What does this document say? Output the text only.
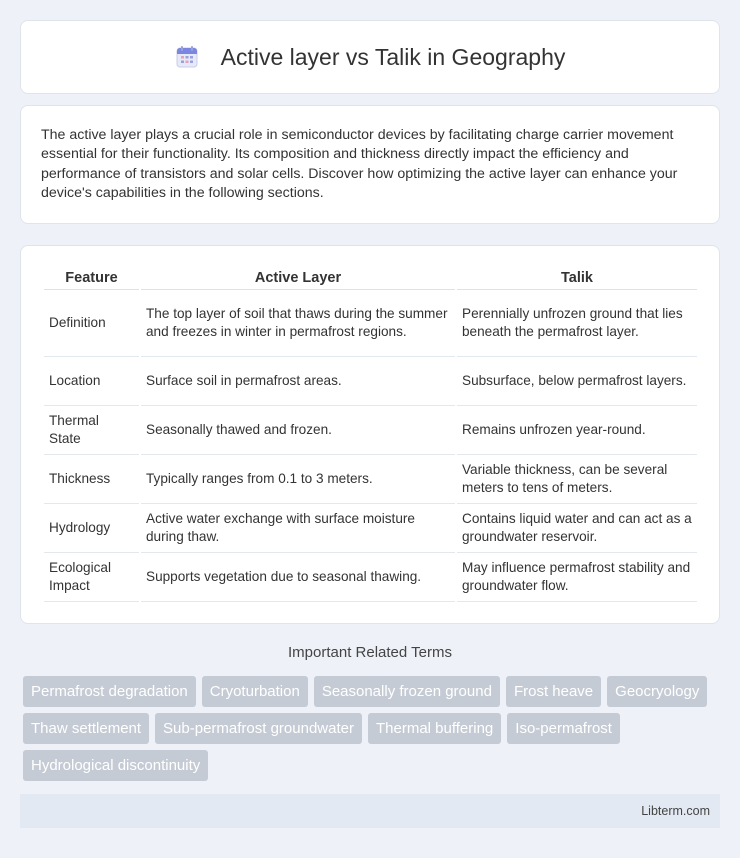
Active layer vs Talik in Geography

The active layer plays a crucial role in semiconductor devices by facilitating charge carrier movement essential for their functionality. Its composition and thickness directly impact the efficiency and performance of transistors and solar cells. Discover how optimizing the active layer can enhance your device's capabilities in the following sections.

Feature	Active Layer	Talik
Definition	The top layer of soil that thaws during the summer and freezes in winter in permafrost regions.	Perennially unfrozen ground that lies beneath the permafrost layer.
Location	Surface soil in permafrost areas.	Subsurface, below permafrost layers.
Thermal State	Seasonally thawed and frozen.	Remains unfrozen year-round.
Thickness	Typically ranges from 0.1 to 3 meters.	Variable thickness, can be several meters to tens of meters.
Hydrology	Active water exchange with surface moisture during thaw.	Contains liquid water and can act as a groundwater reservoir.
Ecological Impact	Supports vegetation due to seasonal thawing.	May influence permafrost stability and groundwater flow.
Important Related Terms
Permafrost degradation	Cryoturbation	Seasonally frozen ground	Frost heave	Geocryology
Thaw settlement	Sub-permafrost groundwater	Thermal buffering	Iso-permafrost
Hydrological discontinuity
Libterm.com
